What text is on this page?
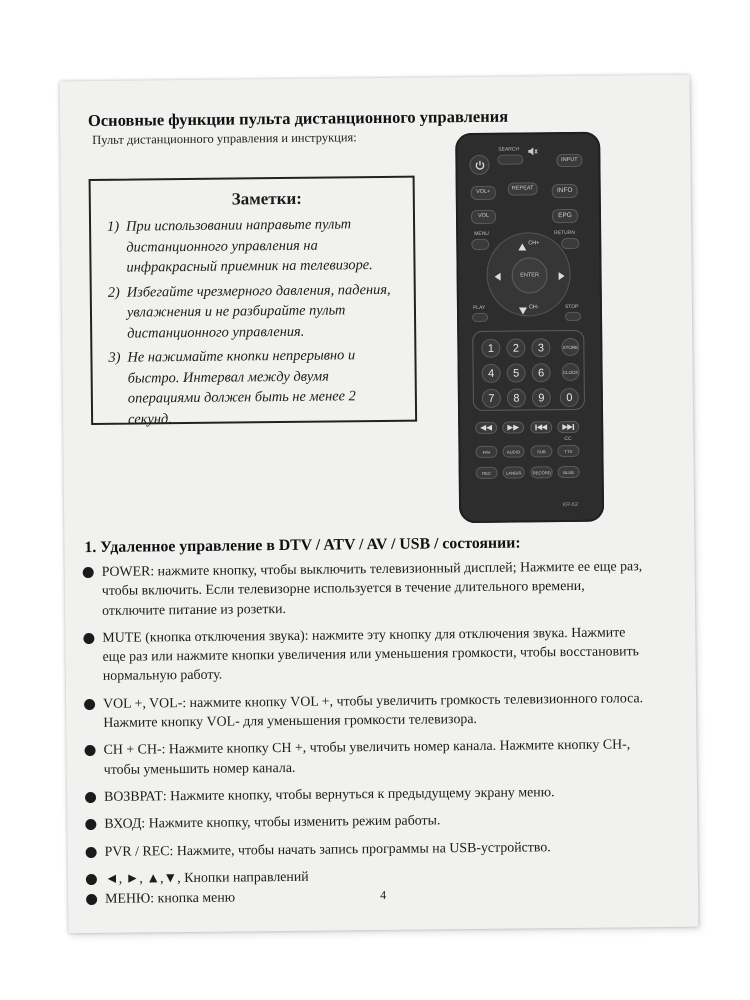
Основные функции пульта дистанционного управления
Пульт дистанционного управления и инструкция:
Заметки:
1) При использовании направьте пульт дистанционного управления на инфракрасный приемник на телевизоре.
2) Избегайте чрезмерного давления, падения, увлажнения и не разбирайте пульт дистанционного управления.
3) Не нажимайте кнопки непрерывно и быстро. Интервал между двумя операциями должен быть не менее 2 секунд.
SEARCH
INPUT
VOL+
REPEAT	INFO
VOL	EPG
MENU	RETURN
ENTER
CH+
CH-
PLAY	STOP
1	2	3	STORE
4	5	6	CLOCK
7	8	9	0
CC
FAV	AUDIO	SUB	TTX
REC	LANG/R	RECORD	BLUE
KR-62
1. Удаленное управление в DTV / ATV / AV / USB / состоянии:
POWER: нажмите кнопку, чтобы выключить телевизионный дисплей; Нажмите ее еще раз, чтобы включить. Если телевизорне используется в течение длительного времени, отключите питание из розетки.
MUTE (кнопка отключения звука): нажмите эту кнопку для отключения звука. Нажмите еще раз или нажмите кнопки увеличения или уменьшения громкости, чтобы восстановить нормальную работу.
VOL +, VOL-: нажмите кнопку VOL +, чтобы увеличить громкость телевизионного голоса. Нажмите кнопку VOL- для уменьшения громкости телевизора.
CH + CH-: Нажмите кнопку CH +, чтобы увеличить номер канала. Нажмите кнопку CH-, чтобы уменьшить номер канала.
ВОЗВРАТ: Нажмите кнопку, чтобы вернуться к предыдущему экрану меню.
ВХОД: Нажмите кнопку, чтобы изменить режим работы.
PVR / REC: Нажмите, чтобы начать запись программы на USB-устройство.
◄, ►, ▲,▼, Кнопки направлений
МЕНЮ: кнопка меню	4
